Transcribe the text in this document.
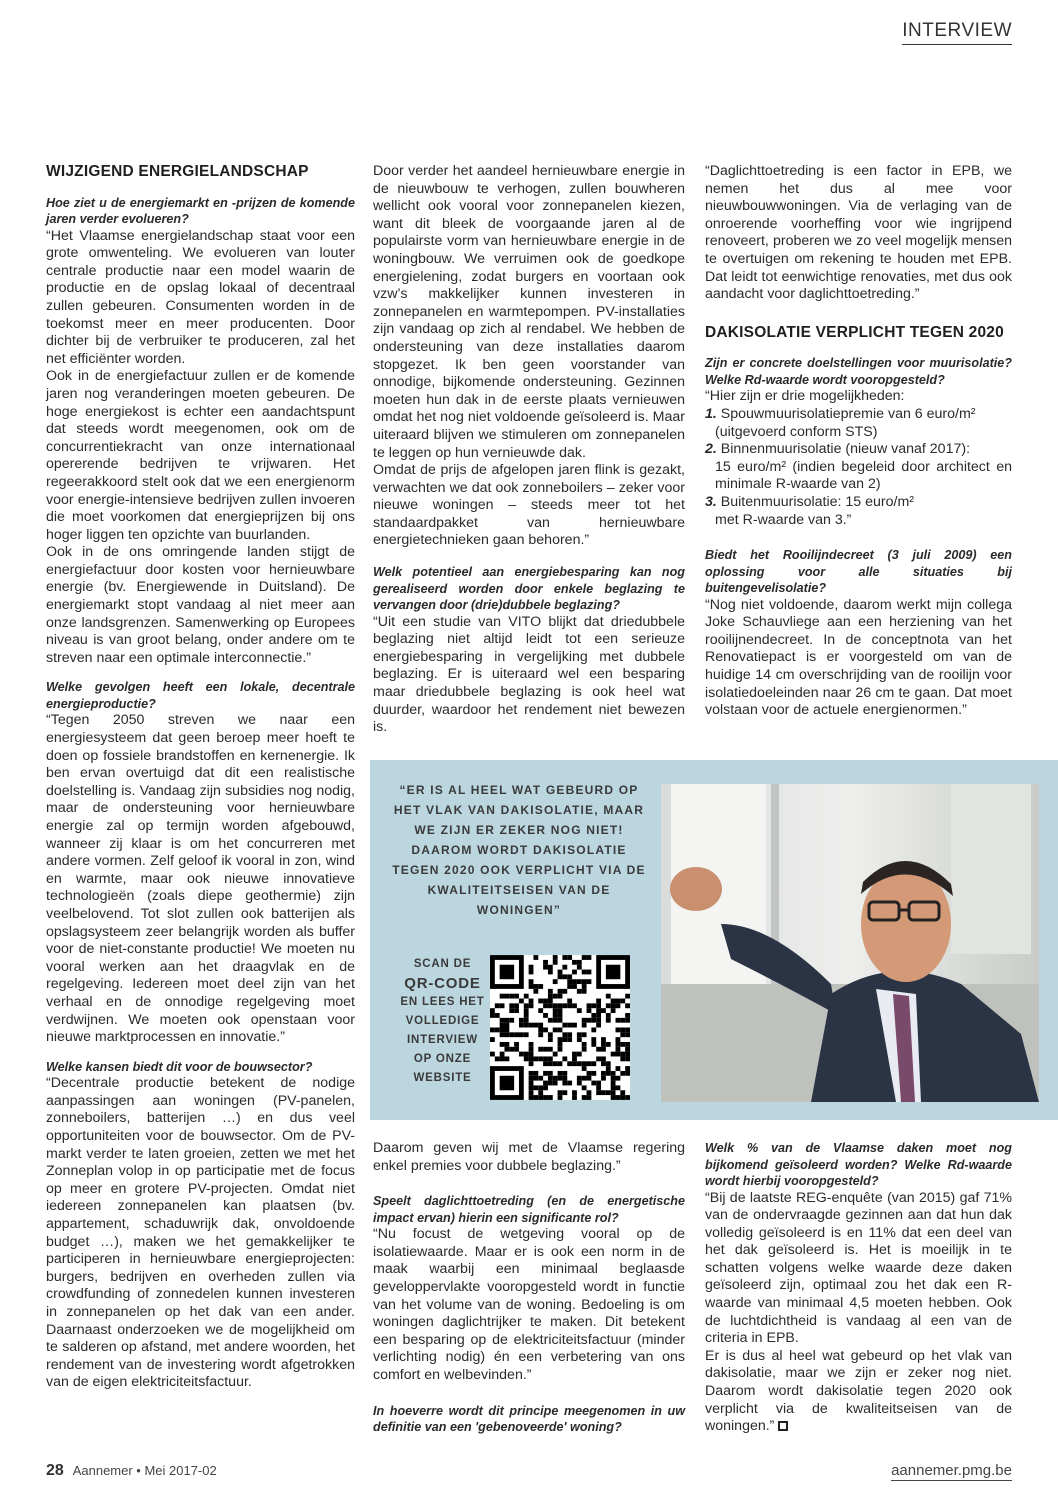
INTERVIEW
WIJZIGEND ENERGIELANDSCHAP

Hoe ziet u de energiemarkt en -prijzen de komende jaren verder evolueren?

“Het Vlaamse energielandschap staat voor een grote omwenteling. We evolueren van louter centrale productie naar een model waarin de productie en de opslag lokaal of decentraal zullen gebeuren. Consumenten worden in de toekomst meer en meer producenten. Door dichter bij de verbruiker te produceren, zal het net efficiënter worden.

Ook in de energiefactuur zullen er de komende jaren nog veranderingen moeten gebeuren. De hoge energiekost is echter een aandachtspunt dat steeds wordt meegenomen, ook om de concurrentiekracht van onze internationaal opererende bedrijven te vrijwaren. Het regeerakkoord stelt ook dat we een energienorm voor energie-intensieve bedrijven zullen invoeren die moet voorkomen dat energieprijzen bij ons hoger liggen ten opzichte van buurlanden.

Ook in de ons omringende landen stijgt de energiefactuur door kosten voor hernieuwbare energie (bv. Energiewende in Duitsland). De energiemarkt stopt vandaag al niet meer aan onze landsgrenzen. Samenwerking op Europees niveau is van groot belang, onder andere om te streven naar een optimale interconnectie.”

Welke gevolgen heeft een lokale, decentrale energieproductie?

“Tegen 2050 streven we naar een energiesysteem dat geen beroep meer hoeft te doen op fossiele brandstoffen en kernenergie. Ik ben ervan overtuigd dat dit een realistische doelstelling is. Vandaag zijn subsidies nog nodig, maar de ondersteuning voor hernieuwbare energie zal op termijn worden afgebouwd, wanneer zij klaar is om het concurreren met andere vormen. Zelf geloof ik vooral in zon, wind en warmte, maar ook nieuwe innovatieve technologieën (zoals diepe geothermie) zijn veelbelovend. Tot slot zullen ook batterijen als opslagsysteem zeer belangrijk worden als buffer voor de niet-constante productie! We moeten nu vooral werken aan het draagvlak en de regelgeving. Iedereen moet deel zijn van het verhaal en de onnodige regelgeving moet verdwijnen. We moeten ook openstaan voor nieuwe marktprocessen en innovatie.”

Welke kansen biedt dit voor de bouwsector?

“Decentrale productie betekent de nodige aanpassingen aan woningen (PV-panelen, zonneboilers, batterijen …) en dus veel opportuniteiten voor de bouwsector. Om de PV-markt verder te laten groeien, zetten we met het Zonneplan volop in op participatie met de focus op meer en grotere PV-projecten. Omdat niet iedereen zonnepanelen kan plaatsen (bv. appartement, schaduwrijk dak, onvoldoende budget …), maken we het gemakkelijker te participeren in hernieuwbare energieprojecten: burgers, bedrijven en overheden zullen via crowdfunding of zonnedelen kunnen investeren in zonnepanelen op het dak van een ander. Daarnaast onderzoeken we de mogelijkheid om te salderen op afstand, met andere woorden, het rendement van de investering wordt afgetrokken van de eigen elektriciteitsfactuur.

Door verder het aandeel hernieuwbare energie in de nieuwbouw te verhogen, zullen bouwheren wellicht ook vooral voor zonnepanelen kiezen, want dit bleek de voorgaande jaren al de populairste vorm van hernieuwbare energie in de woningbouw. We verruimen ook de goedkope energielening, zodat burgers en voortaan ook vzw’s makkelijker kunnen investeren in zonnepanelen en warmtepompen. PV-installaties zijn vandaag op zich al rendabel. We hebben de ondersteuning van deze installaties daarom stopgezet. Ik ben geen voorstander van onnodige, bijkomende ondersteuning. Gezinnen moeten hun dak in de eerste plaats vernieuwen omdat het nog niet voldoende geïsoleerd is. Maar uiteraard blijven we stimuleren om zonnepanelen te leggen op hun vernieuwde dak.

Omdat de prijs de afgelopen jaren flink is gezakt, verwachten we dat ook zonneboilers – zeker voor nieuwe woningen – steeds meer tot het standaardpakket van hernieuwbare energietechnieken gaan behoren.”

Welk potentieel aan energiebesparing kan nog gerealiseerd worden door enkele beglazing te vervangen door (drie)dubbele beglazing?

“Uit een studie van VITO blijkt dat driedubbele beglazing niet altijd leidt tot een serieuze energiebesparing in vergelijking met dubbele beglazing. Er is uiteraard wel een besparing maar driedubbele beglazing is ook heel wat duurder, waardoor het rendement niet bewezen is.

“Daglichttoetreding is een factor in EPB, we nemen het dus al mee voor nieuwbouwwoningen. Via de verlaging van de onroerende voorheffing voor wie ingrijpend renoveert, proberen we zo veel mogelijk mensen te overtuigen om rekening te houden met EPB. Dat leidt tot eenwichtige renovaties, met dus ook aandacht voor daglichttoetreding.”

DAKISOLATIE VERPLICHT TEGEN 2020

Zijn er concrete doelstellingen voor muurisolatie? Welke Rd-waarde wordt vooropgesteld?

“Hier zijn er drie mogelijkheden:

1. Spouwmuurisolatiepremie van 6 euro/m²
(uitgevoerd conform STS)
2. Binnenmuurisolatie (nieuw vanaf 2017):
15 euro/m² (indien begeleid door architect en minimale R-waarde van 2)
3. Buitenmuurisolatie: 15 euro/m²
met R-waarde van 3.”

Biedt het Rooilijndecreet (3 juli 2009) een oplossing voor alle situaties bij buitengevelisolatie?

“Nog niet voldoende, daarom werkt mijn collega Joke Schauvliege aan een herziening van het rooilijnendecreet. In de conceptnota van het Renovatiepact is er voorgesteld om van de huidige 14 cm overschrijding van de rooilijn voor isolatiedoeleinden naar 26 cm te gaan. Dat moet volstaan voor de actuele energienormen.”

“ER IS AL HEEL WAT GEBEURD OP HET VLAK VAN DAKISOLATIE, MAAR WE ZIJN ER ZEKER NOG NIET! DAAROM WORDT DAKISOLATIE TEGEN 2020 OOK VERPLICHT VIA DE KWALITEITSEISEN VAN DE WONINGEN”
SCAN DE
QR-CODE
EN LEES HET VOLLEDIGE INTERVIEW OP ONZE WEBSITE

Daarom geven wij met de Vlaamse regering enkel premies voor dubbele beglazing.”

Speelt daglichttoetreding (en de energetische impact ervan) hierin een significante rol?

“Nu focust de wetgeving vooral op de isolatiewaarde. Maar er is ook een norm in de maak waarbij een minimaal beglaasde geveloppervlakte vooropgesteld wordt in functie van het volume van de woning. Bedoeling is om woningen daglichtrijker te maken. Dit betekent een besparing op de elektriciteitsfactuur (minder verlichting nodig) én een verbetering van ons comfort en welbevinden.”

In hoeverre wordt dit principe meegenomen in uw definitie van een 'gebenoveerde' woning?

Welk % van de Vlaamse daken moet nog bijkomend geïsoleerd worden? Welke Rd-waarde wordt hierbij vooropgesteld?

“Bij de laatste REG-enquête (van 2015) gaf 71% van de ondervraagde gezinnen aan dat hun dak volledig geïsoleerd is en 11% dat een deel van het dak geïsoleerd is. Het is moeilijk in te schatten volgens welke waarde deze daken geïsoleerd zijn, optimaal zou het dak een R-waarde van minimaal 4,5 moeten hebben. Ook de luchtdichtheid is vandaag al een van de criteria in EPB.

Er is dus al heel wat gebeurd op het vlak van dakisolatie, maar we zijn er zeker nog niet. Daarom wordt dakisolatie tegen 2020 ook verplicht via de kwaliteitseisen van de woningen.”

28 Aannemer • Mei 2017-02	aannemer.pmg.be
